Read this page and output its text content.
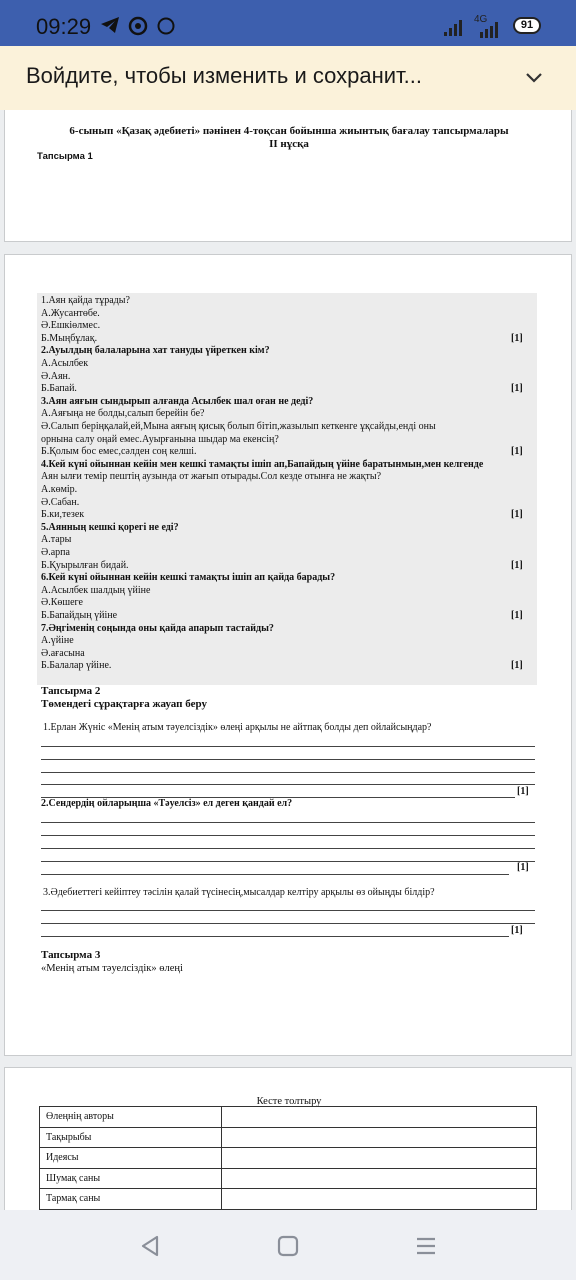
09:29	4G	91
Войдите, чтобы изменить и сохранит...
6-сынып «Қазақ әдебиеті» пәнінен 4-тоқсан бойынша жиынтық бағалау тапсырмалары
ІІ нұсқа
Тапсырма 1
Тапсырма 2
Төмендегі сұрақтарға жауап беру
1.Ерлан Жүніс «Менің атым тәуелсіздік» өлеңі арқылы не айтпақ болды деп ойлайсыңдар?
[1]
2.Сендердің ойларыңша «Тәуелсіз» ел деген қандай ел?
[1]
3.Әдебиеттегі кейіптеу тәсілін қалай түсінесің,мысалдар келтіру арқылы өз ойыңды білдір?
[1]
Тапсырма 3
«Менің атым тәуелсіздік» өлеңі
1.Аян қайда тұрады?
А.Жусантөбе.
Ә.Ешкіөлмес.
Б.Мыңбұлақ.	[1]
2.Ауылдың балаларына хат тануды үйреткен кім?
А.Асылбек
Ә.Аян.
Б.Бапай.	[1]
3.Аян аяғын сындырып алғанда Асылбек шал оған не деді?
А.Аяғыңа не болды,салып берейін бе?
Ә.Салып беріңқалай,ей,Мына аяғың қисық болып бітіп,жазылып кеткенге ұқсайды,енді оны
орнына салу оңай емес.Ауырғанына шыдар ма екенсің?
Б.Қолым бос емес,сәлден соң келші.	[1]
4.Кей күні ойыннан кейін мен кешкі тамақты ішіп ап,Бапайдың үйіне баратынмын,мен келгенде
Аян ылғи темір пештің аузында от жағып отырады.Сол кезде отынға не жақты?
А.көмір.
Ә.Сабан.
Б.ки,тезек	[1]
5.Аянның кешкі қорегі не еді?
А.тары
Ә.арпа
Б.Қуырылған бидай.	[1]
6.Кей күні ойыннан кейін кешкі тамақты ішіп ап қайда барады?
А.Асылбек шалдың үйіне
Ә.Көшеге
Б.Бапайдың үйіне	[1]
7.Әңгіменің соңында оны қайда апарып тастайды?
А.үйіне
Ә.ағасына
Б.Балалар үйіне.	[1]
Кесте толтыру
Өлеңнің авторы	
Тақырыбы	
Идеясы	
Шумақ саны	
Тармақ саны	
